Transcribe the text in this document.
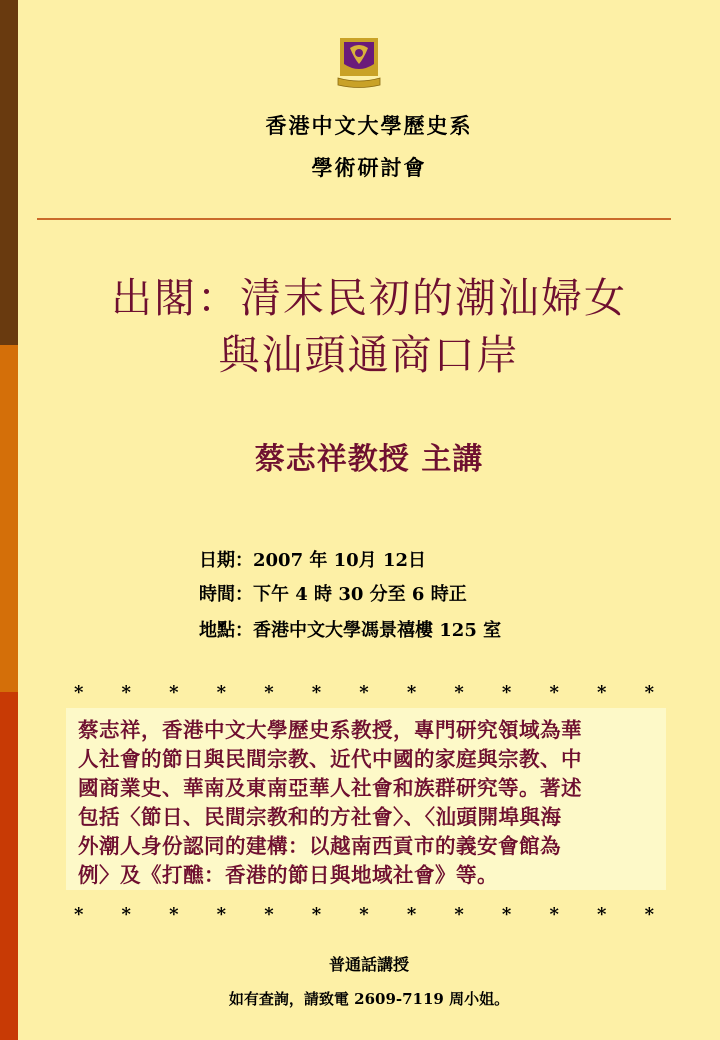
香港中文大學歷史系
學術研討會
出閣：清末民初的潮汕婦女
與汕頭通商口岸
蔡志祥教授 主講
日期：2007 年 10月 12日
時間：下午 4 時 30 分至 6 時正
地點：香港中文大學馮景禧樓 125 室
* * * * * * * * * * * * *
蔡志祥，香港中文大學歷史系教授，專門研究領域為華
人社會的節日與民間宗教、近代中國的家庭與宗教、中
國商業史、華南及東南亞華人社會和族群研究等。著述
包括〈節日、民間宗教和的方社會〉、〈汕頭開埠與海
外潮人身份認同的建構：以越南西貢市的義安會館為
例〉及《打醮：香港的節日與地域社會》等。
* * * * * * * * * * * * *
普通話講授
如有查詢，請致電 2609-7119 周小姐。
